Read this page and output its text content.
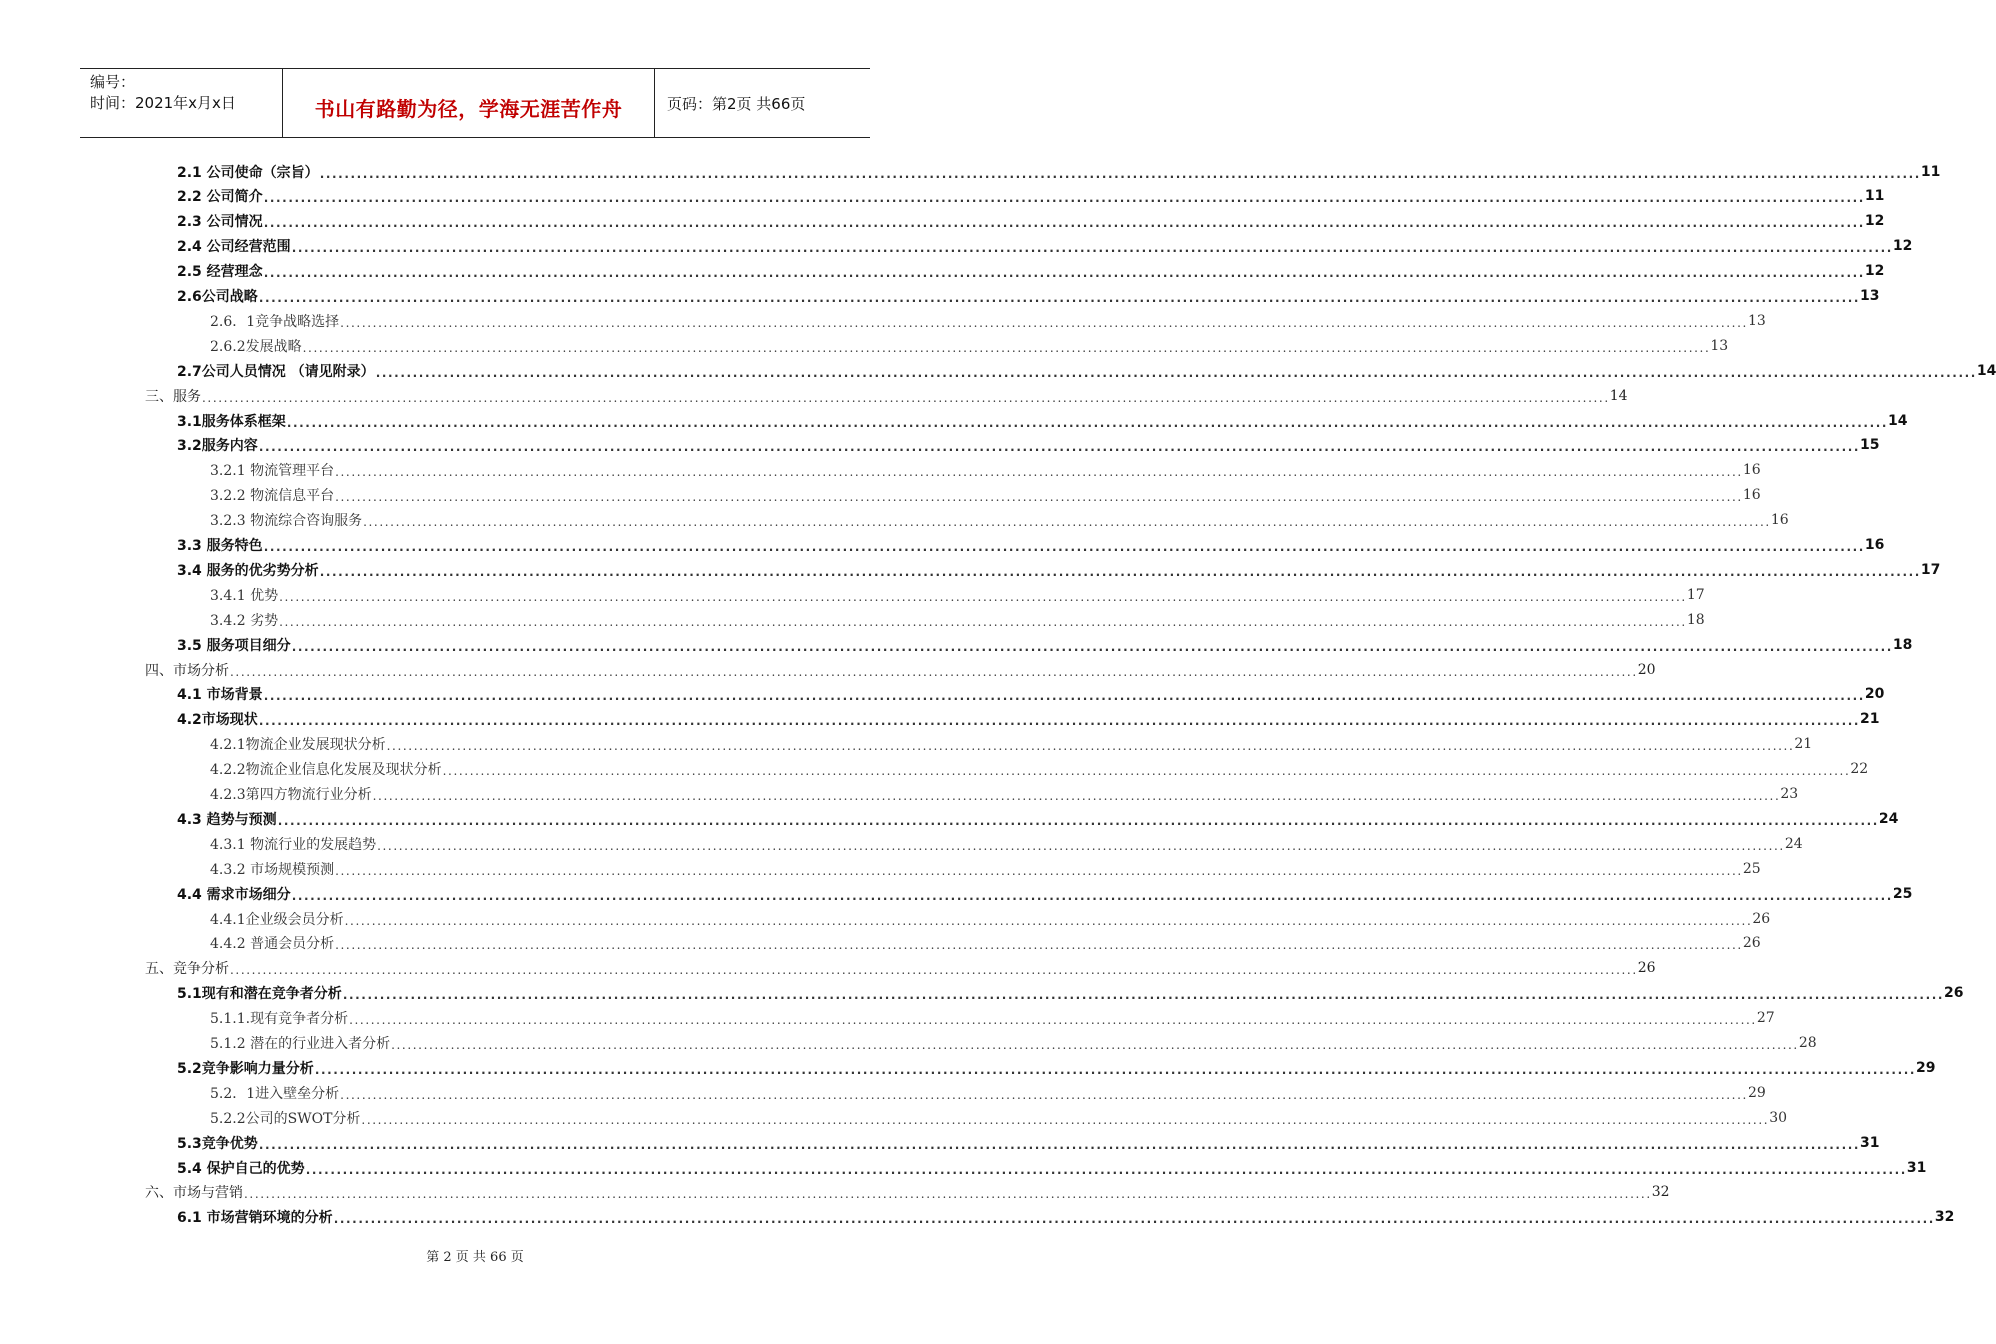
编号：
时间：2021年x月x日	书山有路勤为径，学海无涯苦作舟	页码：第2页 共66页
2.1 公司使命（宗旨） .................................................................................................................................................................................................................................................................... 11
2.2 公司简介 .................................................................................................................................................................................................................................................................... 11
2.3 公司情况 .................................................................................................................................................................................................................................................................... 12
2.4 公司经营范围 .................................................................................................................................................................................................................................................................... 12
2.5 经营理念 .................................................................................................................................................................................................................................................................... 12
2.6公司战略 .................................................................................................................................................................................................................................................................... 13
2.6．1竞争战略选择 .................................................................................................................................................................................................................................................................... 13
2.6.2发展战略 .................................................................................................................................................................................................................................................................... 13
2.7公司人员情况 （请见附录） .................................................................................................................................................................................................................................................................... 14
三、服务 .................................................................................................................................................................................................................................................................... 14
3.1服务体系框架 .................................................................................................................................................................................................................................................................... 14
3.2服务内容 .................................................................................................................................................................................................................................................................... 15
3.2.1 物流管理平台 .................................................................................................................................................................................................................................................................... 16
3.2.2 物流信息平台 .................................................................................................................................................................................................................................................................... 16
3.2.3 物流综合咨询服务 .................................................................................................................................................................................................................................................................... 16
3.3 服务特色 .................................................................................................................................................................................................................................................................... 16
3.4 服务的优劣势分析 .................................................................................................................................................................................................................................................................... 17
3.4.1 优势 .................................................................................................................................................................................................................................................................... 17
3.4.2 劣势 .................................................................................................................................................................................................................................................................... 18
3.5 服务项目细分 .................................................................................................................................................................................................................................................................... 18
四、市场分析 .................................................................................................................................................................................................................................................................... 20
4.1 市场背景 .................................................................................................................................................................................................................................................................... 20
4.2市场现状 .................................................................................................................................................................................................................................................................... 21
4.2.1物流企业发展现状分析 .................................................................................................................................................................................................................................................................... 21
4.2.2物流企业信息化发展及现状分析 .................................................................................................................................................................................................................................................................... 22
4.2.3第四方物流行业分析 .................................................................................................................................................................................................................................................................... 23
4.3 趋势与预测 .................................................................................................................................................................................................................................................................... 24
4.3.1 物流行业的发展趋势 .................................................................................................................................................................................................................................................................... 24
4.3.2 市场规模预测 .................................................................................................................................................................................................................................................................... 25
4.4 需求市场细分 .................................................................................................................................................................................................................................................................... 25
4.4.1企业级会员分析 .................................................................................................................................................................................................................................................................... 26
4.4.2 普通会员分析 .................................................................................................................................................................................................................................................................... 26
五、竞争分析 .................................................................................................................................................................................................................................................................... 26
5.1现有和潜在竞争者分析 .................................................................................................................................................................................................................................................................... 26
5.1.1.现有竞争者分析 .................................................................................................................................................................................................................................................................... 27
5.1.2 潜在的行业进入者分析 .................................................................................................................................................................................................................................................................... 28
5.2竞争影响力量分析 .................................................................................................................................................................................................................................................................... 29
5.2．1进入壁垒分析 .................................................................................................................................................................................................................................................................... 29
5.2.2公司的SWOT分析 .................................................................................................................................................................................................................................................................... 30
5.3竞争优势 .................................................................................................................................................................................................................................................................... 31
5.4 保护自己的优势 .................................................................................................................................................................................................................................................................... 31
六、市场与营销 .................................................................................................................................................................................................................................................................... 32
6.1 市场营销环境的分析 .................................................................................................................................................................................................................................................................... 32
第 2 页 共 66 页
